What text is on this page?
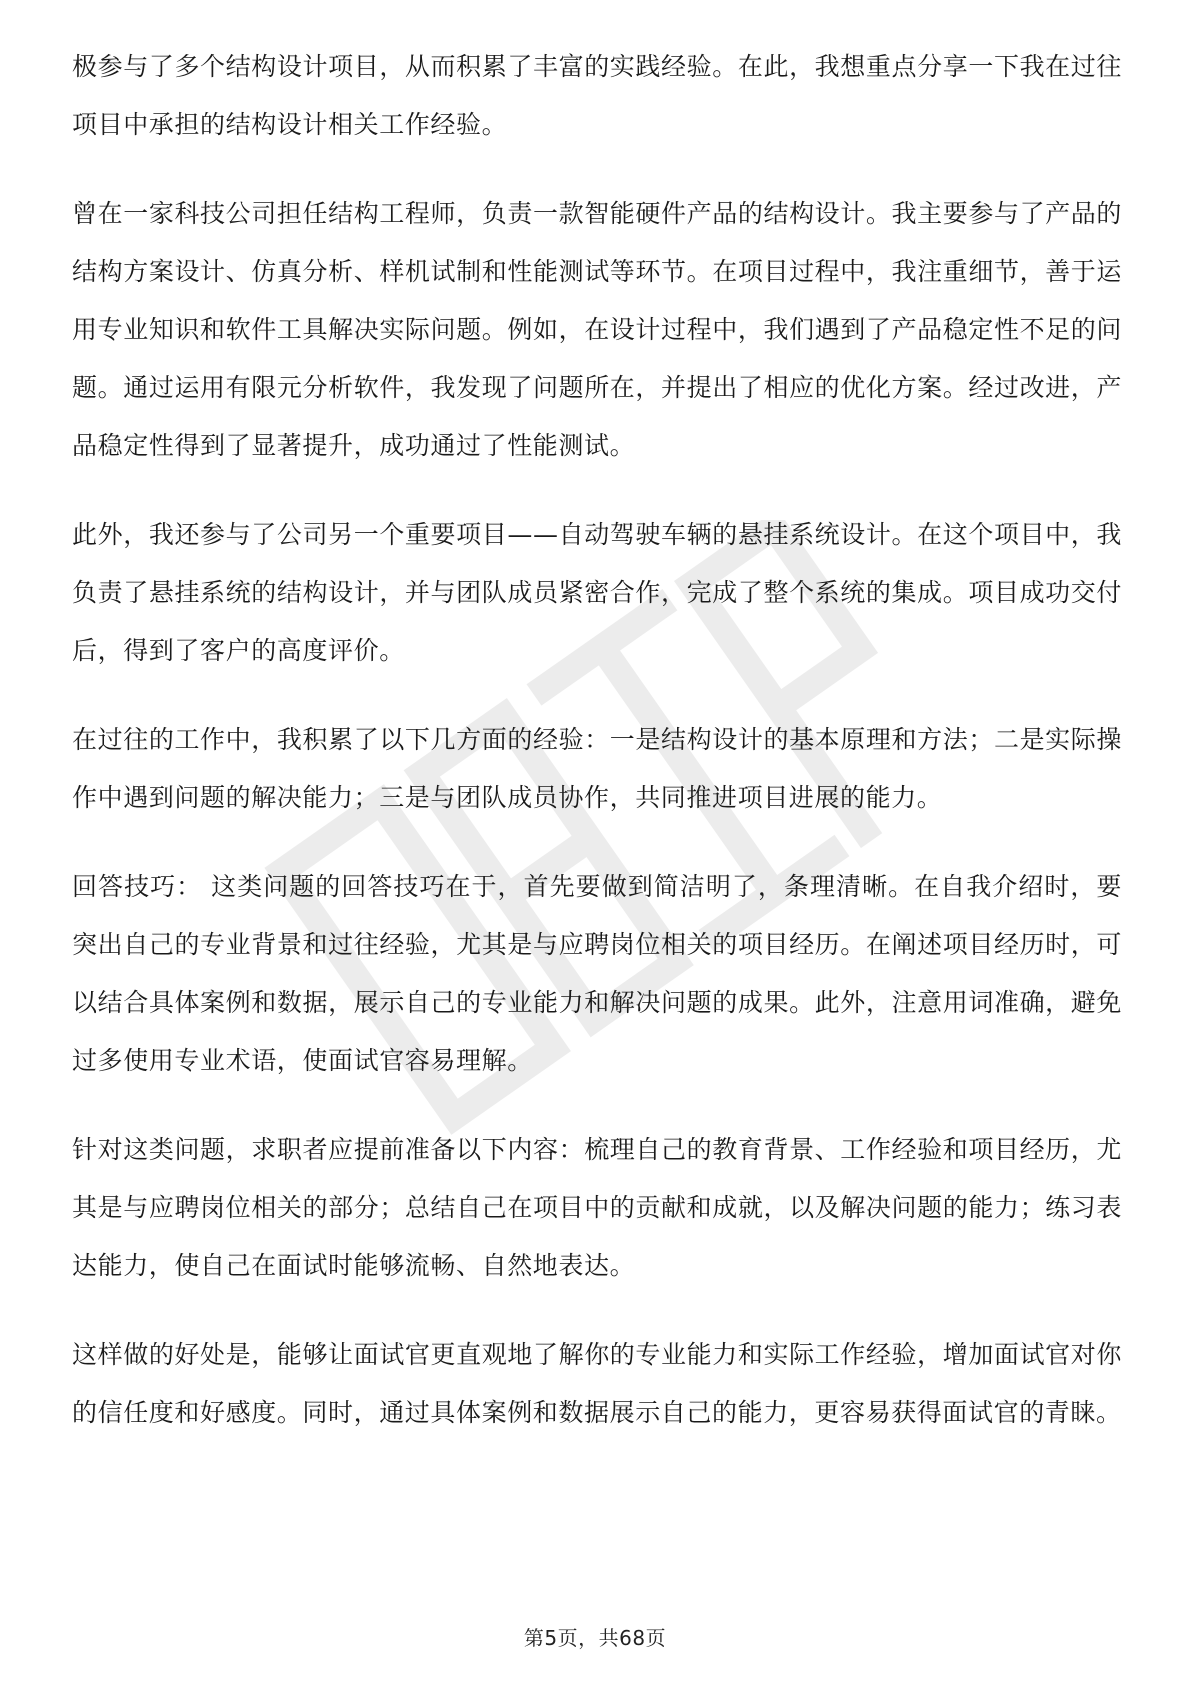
极参与了多个结构设计项目，从而积累了丰富的实践经验。在此，我想重点分享一下我在过往项目中承担的结构设计相关工作经验。

曾在一家科技公司担任结构工程师，负责一款智能硬件产品的结构设计。我主要参与了产品的结构方案设计、仿真分析、样机试制和性能测试等环节。在项目过程中，我注重细节，善于运用专业知识和软件工具解决实际问题。例如，在设计过程中，我们遇到了产品稳定性不足的问题。通过运用有限元分析软件，我发现了问题所在，并提出了相应的优化方案。经过改进，产品稳定性得到了显著提升，成功通过了性能测试。

此外，我还参与了公司另一个重要项目——自动驾驶车辆的悬挂系统设计。在这个项目中，我负责了悬挂系统的结构设计，并与团队成员紧密合作，完成了整个系统的集成。项目成功交付后，得到了客户的高度评价。

在过往的工作中，我积累了以下几方面的经验：一是结构设计的基本原理和方法；二是实际操作中遇到问题的解决能力；三是与团队成员协作，共同推进项目进展的能力。

回答技巧： 这类问题的回答技巧在于，首先要做到简洁明了，条理清晰。在自我介绍时，要突出自己的专业背景和过往经验，尤其是与应聘岗位相关的项目经历。在阐述项目经历时，可以结合具体案例和数据，展示自己的专业能力和解决问题的成果。此外，注意用词准确，避免过多使用专业术语，使面试官容易理解。

针对这类问题，求职者应提前准备以下内容：梳理自己的教育背景、工作经验和项目经历，尤其是与应聘岗位相关的部分；总结自己在项目中的贡献和成就，以及解决问题的能力；练习表达能力，使自己在面试时能够流畅、自然地表达。

这样做的好处是，能够让面试官更直观地了解你的专业能力和实际工作经验，增加面试官对你的信任度和好感度。同时，通过具体案例和数据展示自己的能力，更容易获得面试官的青睐。

第5页，共68页
